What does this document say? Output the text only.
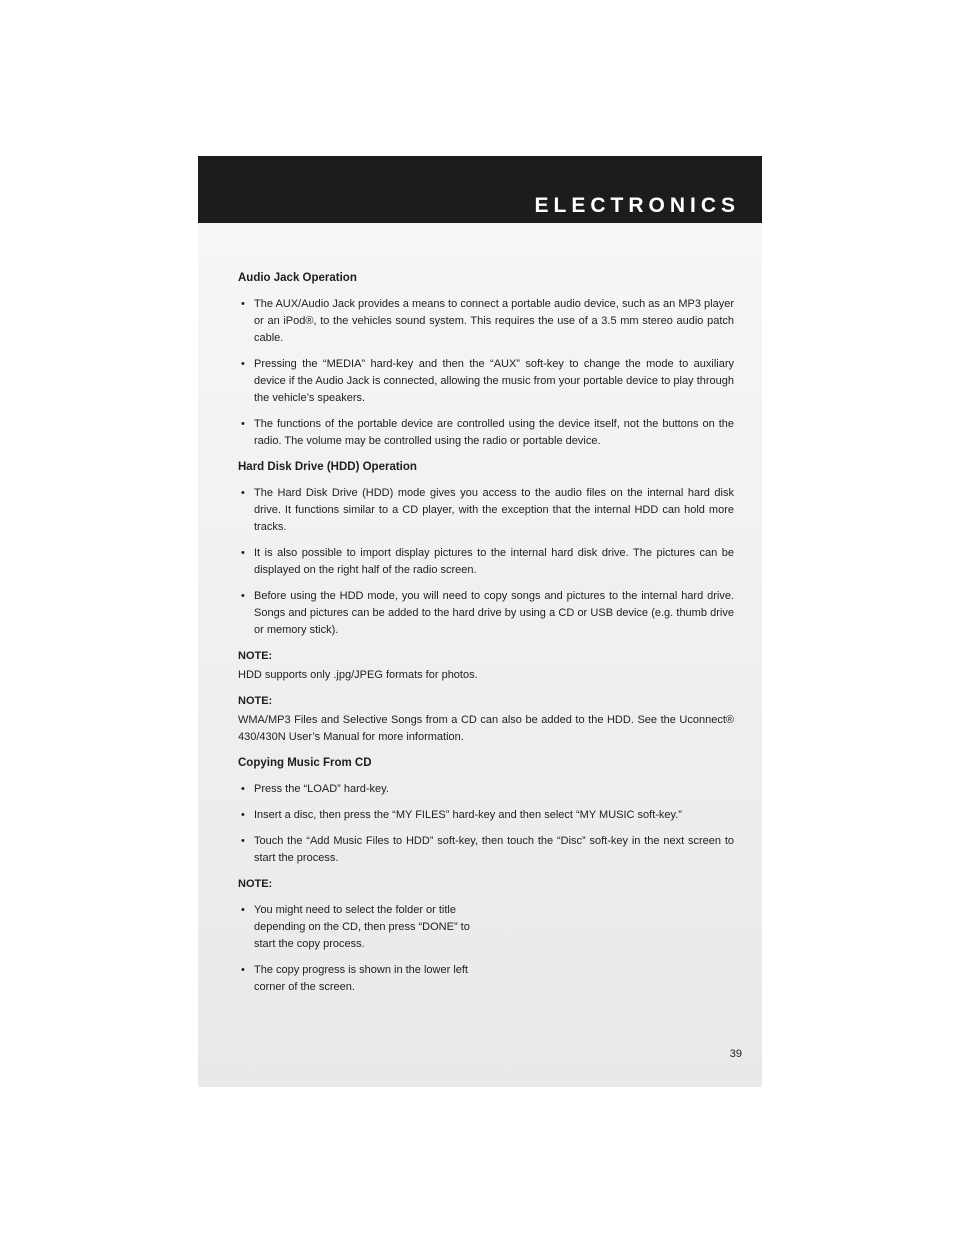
ELECTRONICS
Audio Jack Operation
• The AUX/Audio Jack provides a means to connect a portable audio device, such as an MP3 player or an iPod®, to the vehicles sound system. This requires the use of a 3.5 mm stereo audio patch cable.
• Pressing the “MEDIA” hard-key and then the “AUX” soft-key to change the mode to auxiliary device if the Audio Jack is connected, allowing the music from your portable device to play through the vehicle’s speakers.
• The functions of the portable device are controlled using the device itself, not the buttons on the radio. The volume may be controlled using the radio or portable device.
Hard Disk Drive (HDD) Operation
• The Hard Disk Drive (HDD) mode gives you access to the audio files on the internal hard disk drive. It functions similar to a CD player, with the exception that the internal HDD can hold more tracks.
• It is also possible to import display pictures to the internal hard disk drive. The pictures can be displayed on the right half of the radio screen.
• Before using the HDD mode, you will need to copy songs and pictures to the internal hard drive. Songs and pictures can be added to the hard drive by using a CD or USB device (e.g. thumb drive or memory stick).
NOTE:
HDD supports only .jpg/JPEG formats for photos.
NOTE:
WMA/MP3 Files and Selective Songs from a CD can also be added to the HDD. See the Uconnect® 430/430N User’s Manual for more information.
Copying Music From CD
• Press the “LOAD” hard-key.
• Insert a disc, then press the “MY FILES” hard-key and then select “MY MUSIC soft-key.”
• Touch the “Add Music Files to HDD” soft-key, then touch the “Disc” soft-key in the next screen to start the process.
NOTE:
• You might need to select the folder or title depending on the CD, then press “DONE” to start the copy process.
• The copy progress is shown in the lower left corner of the screen.
39
